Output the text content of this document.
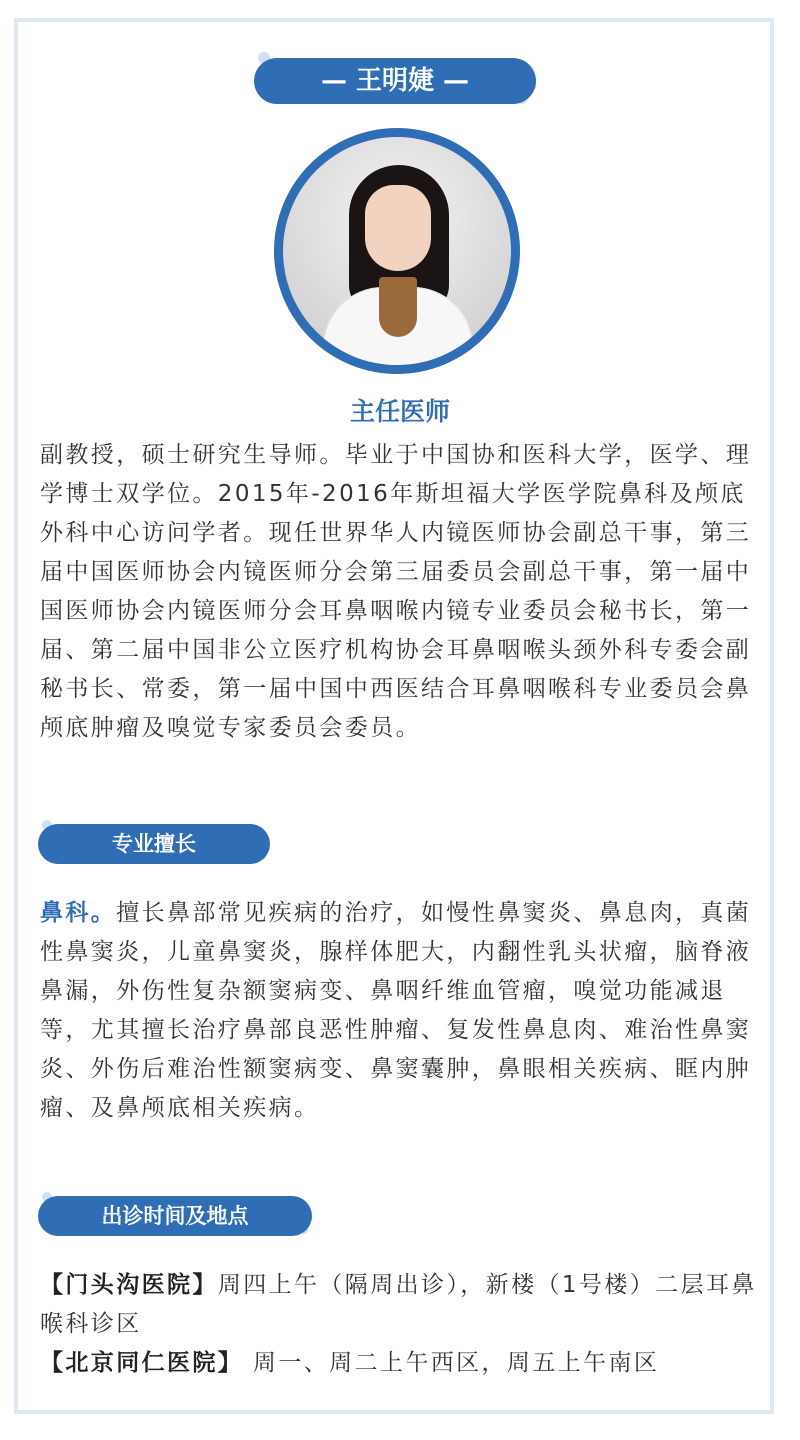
— 王明婕 —
主任医师

副教授，硕士研究生导师。毕业于中国协和医科大学，医学、理学博士双学位。2015年-2016年斯坦福大学医学院鼻科及颅底外科中心访问学者。现任世界华人内镜医师协会副总干事，第三届中国医师协会内镜医师分会第三届委员会副总干事，第一届中国医师协会内镜医师分会耳鼻咽喉内镜专业委员会秘书长，第一届、第二届中国非公立医疗机构协会耳鼻咽喉头颈外科专委会副秘书长、常委，第一届中国中西医结合耳鼻咽喉科专业委员会鼻颅底肿瘤及嗅觉专家委员会委员。

专业擅长

鼻科。擅长鼻部常见疾病的治疗，如慢性鼻窦炎、鼻息肉，真菌性鼻窦炎，儿童鼻窦炎，腺样体肥大，内翻性乳头状瘤，脑脊液鼻漏，外伤性复杂额窦病变、鼻咽纤维血管瘤，嗅觉功能减退等，尤其擅长治疗鼻部良恶性肿瘤、复发性鼻息肉、难治性鼻窦炎、外伤后难治性额窦病变、鼻窦囊肿，鼻眼相关疾病、眶内肿瘤、及鼻颅底相关疾病。

出诊时间及地点
【门头沟医院】周四上午（隔周出诊），新楼（1号楼）二层耳鼻喉科诊区
【北京同仁医院】 周一、周二上午西区，周五上午南区
